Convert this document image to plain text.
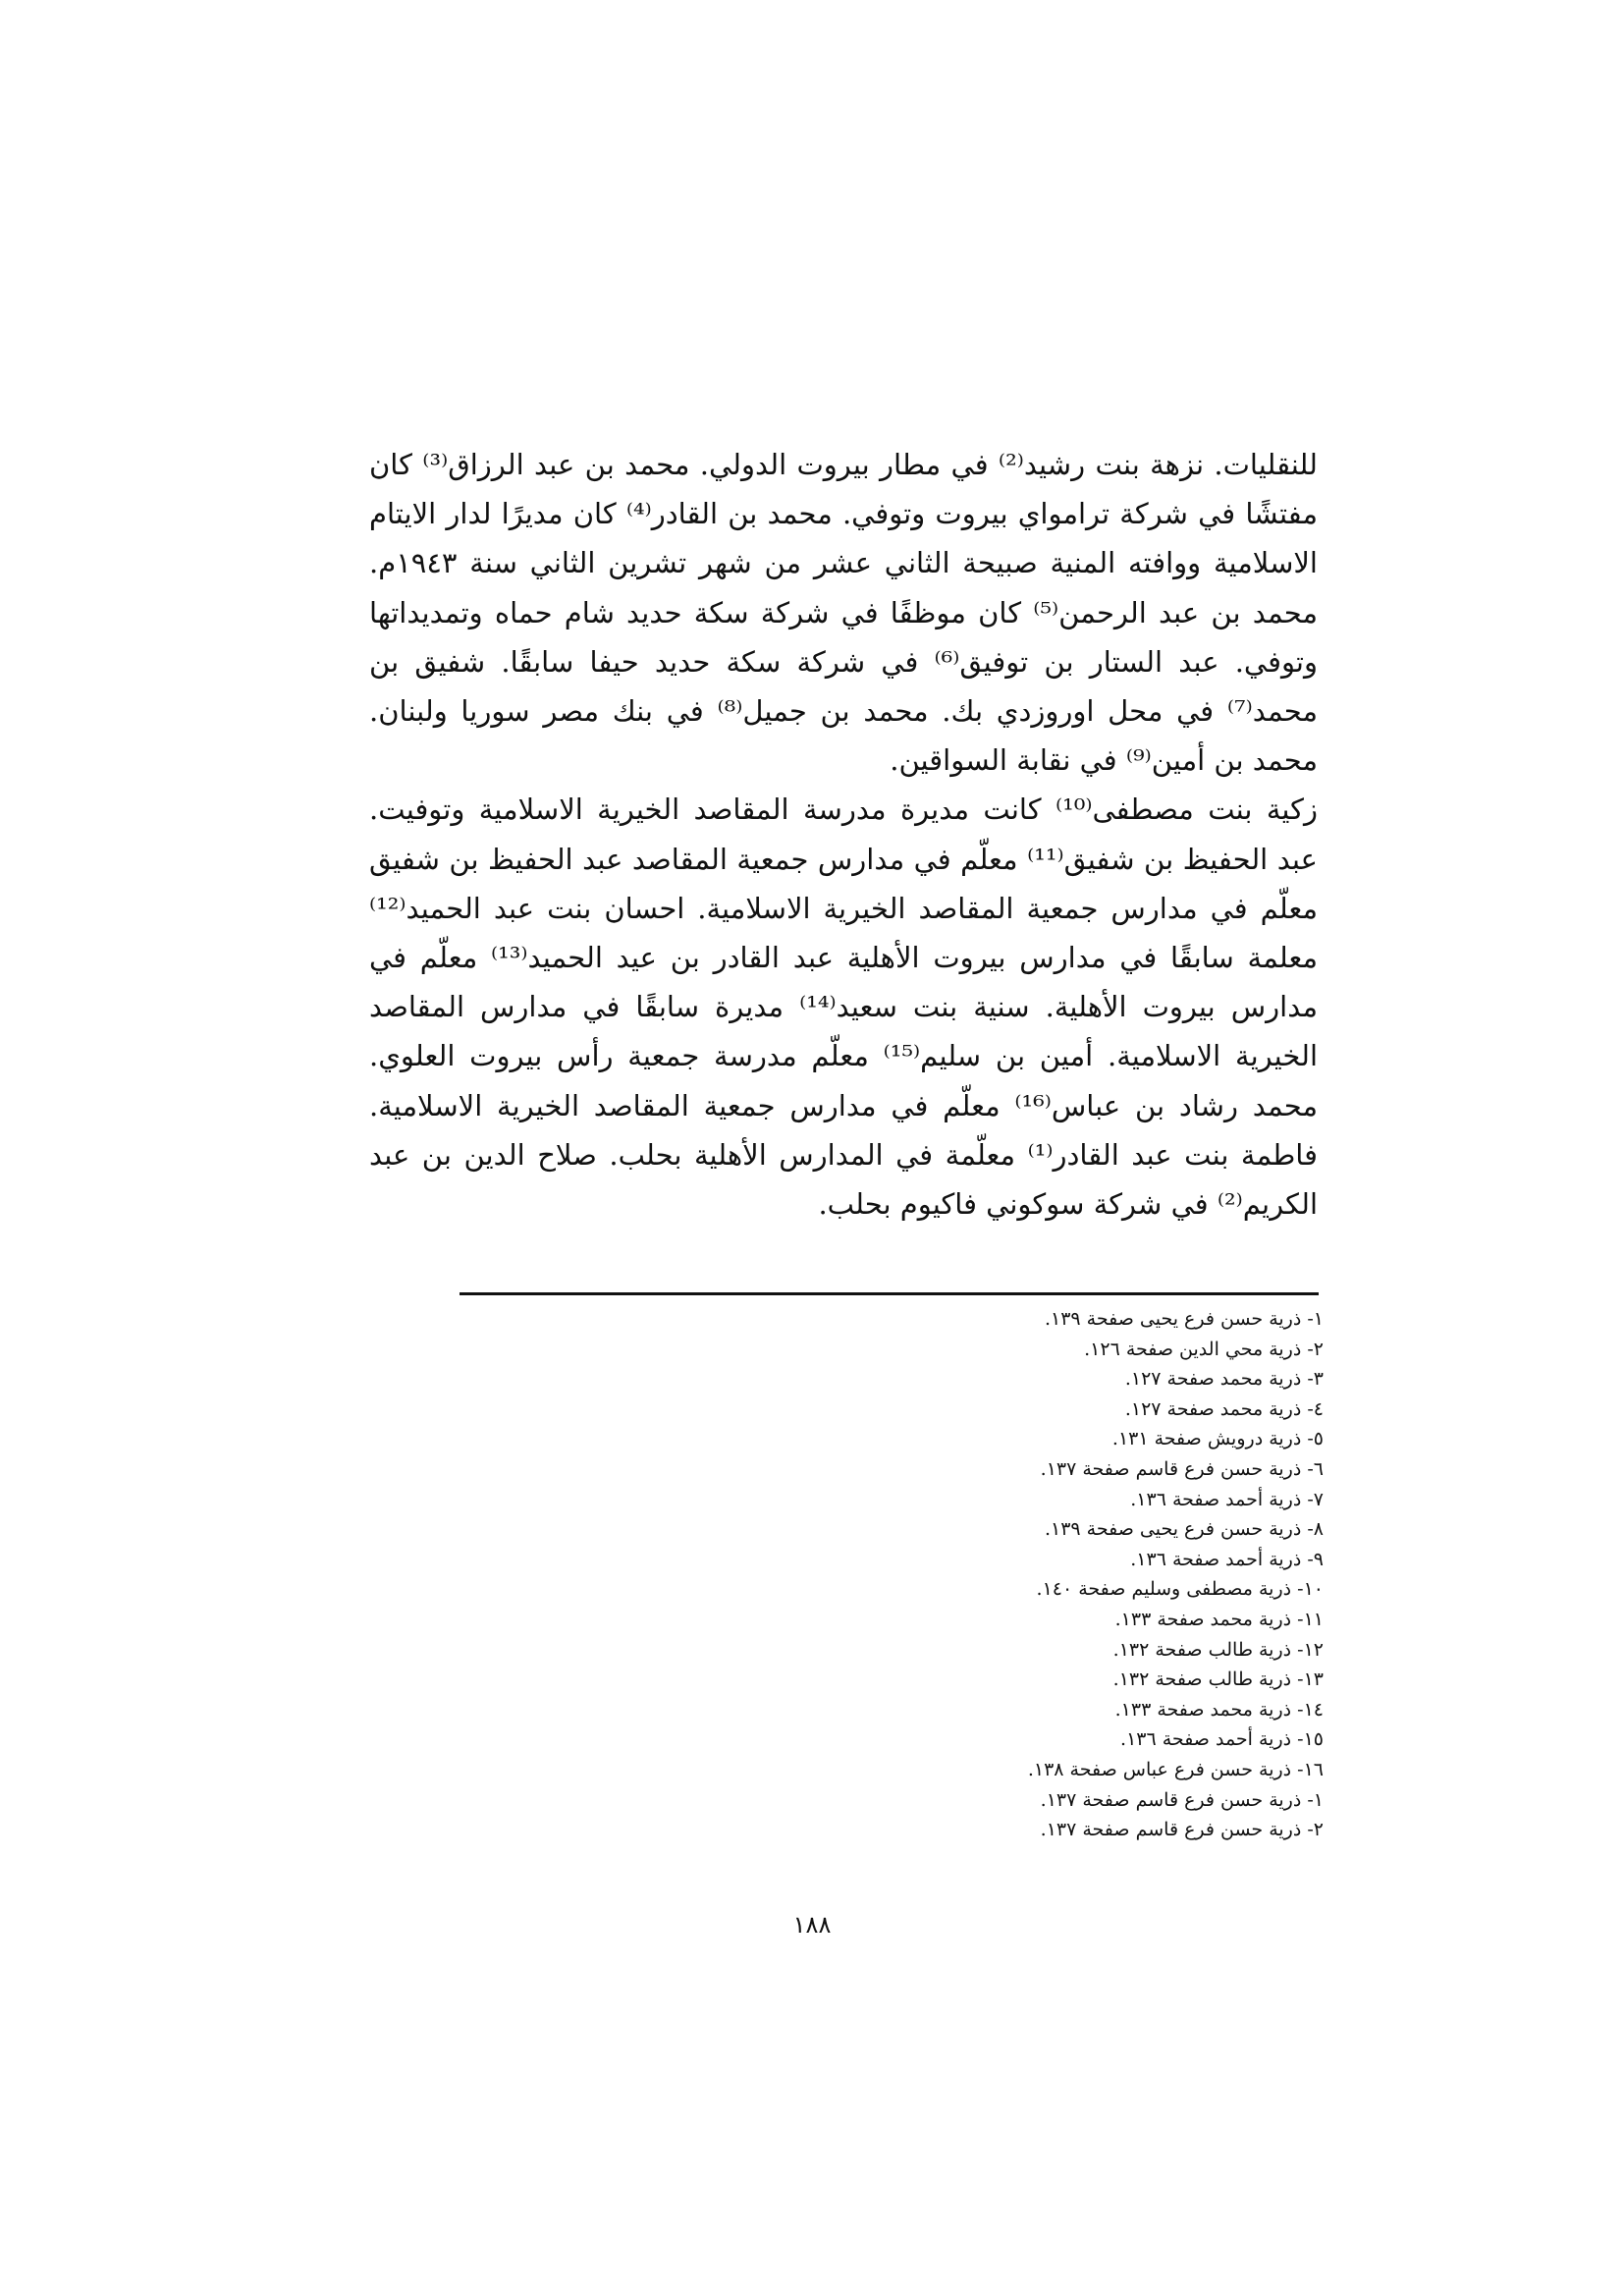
للنقليات. نزهة بنت رشيد⁽²⁾ في مطار بيروت الدولي. محمد بن عبد الرزاق⁽³⁾ كان مفتشًا في شركة ترامواي بيروت وتوفي. محمد بن القادر⁽⁴⁾ كان مديرًا لدار الايتام الاسلامية ووافته المنية صبيحة الثاني عشر من شهر تشرين الثاني سنة ١٩٤٣م. محمد بن عبد الرحمن⁽⁵⁾ كان موظفًا في شركة سكة حديد شام حماه وتمديداتها وتوفي. عبد الستار بن توفيق⁽⁶⁾ في شركة سكة حديد حيفا سابقًا. شفيق بن محمد⁽⁷⁾ في محل اوروزدي بك. محمد بن جميل⁽⁸⁾ في بنك مصر سوريا ولبنان. محمد بن أمين⁽⁹⁾ في نقابة السواقين.

زكية بنت مصطفى⁽¹⁰⁾ كانت مديرة مدرسة المقاصد الخيرية الاسلامية وتوفيت. عبد الحفيظ بن شفيق⁽¹¹⁾ معلّم في مدارس جمعية المقاصد عبد الحفيظ بن شفيق معلّم في مدارس جمعية المقاصد الخيرية الاسلامية. احسان بنت عبد الحميد⁽¹²⁾ معلمة سابقًا في مدارس بيروت الأهلية عبد القادر بن عيد الحميد⁽¹³⁾ معلّم في مدارس بيروت الأهلية. سنية بنت سعيد⁽¹⁴⁾ مديرة سابقًا في مدارس المقاصد الخيرية الاسلامية. أمين بن سليم⁽¹⁵⁾ معلّم مدرسة جمعية رأس بيروت العلوي. محمد رشاد بن عباس⁽¹⁶⁾ معلّم في مدارس جمعية المقاصد الخيرية الاسلامية. فاطمة بنت عبد القادر⁽¹⁾ معلّمة في المدارس الأهلية بحلب. صلاح الدين بن عبد الكريم⁽²⁾ في شركة سوكوني فاكيوم بحلب.

١- ذرية حسن فرع يحيى صفحة ١٣٩.
٢- ذرية محي الدين صفحة ١٢٦.
٣- ذرية محمد صفحة ١٢٧.
٤- ذرية محمد صفحة ١٢٧.
٥- ذرية درويش صفحة ١٣١.
٦- ذرية حسن فرع قاسم صفحة ١٣٧.
٧- ذرية أحمد صفحة ١٣٦.
٨- ذرية حسن فرع يحيى صفحة ١٣٩.
٩- ذرية أحمد صفحة ١٣٦.
١٠- ذرية مصطفى وسليم صفحة ١٤٠.
١١- ذرية محمد صفحة ١٣٣.
١٢- ذرية طالب صفحة ١٣٢.
١٣- ذرية طالب صفحة ١٣٢.
١٤- ذرية محمد صفحة ١٣٣.
١٥- ذرية أحمد صفحة ١٣٦.
١٦- ذرية حسن فرع عباس صفحة ١٣٨.
١- ذرية حسن فرع قاسم صفحة ١٣٧.
٢- ذرية حسن فرع قاسم صفحة ١٣٧.
١٨٨
